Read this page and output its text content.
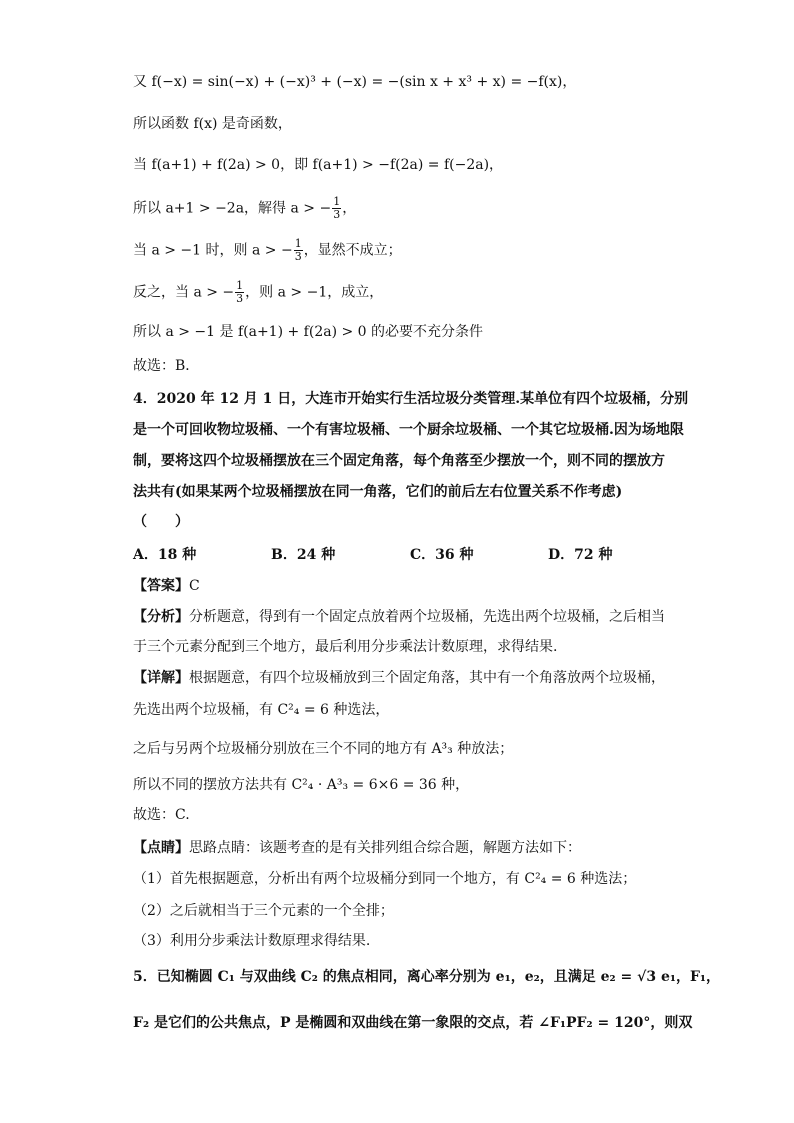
又 f(−x) = sin(−x) + (−x)³ + (−x) = −(sin x + x³ + x) = −f(x)，
所以函数 f(x) 是奇函数，
当 f(a+1) + f(2a) > 0，即 f(a+1) > −f(2a) = f(−2a)，
所以 a+1 > −2a，解得 a > − $\frac{1}{3}$ ，
当 a > −1 时，则 a > − $\frac{1}{3}$ ，显然不成立；
反之，当 a > − $\frac{1}{3}$ ，则 a > −1，成立，
所以 a > −1 是 f(a+1) + f(2a) > 0 的必要不充分条件
故选：B．
4．2020 年 12 月 1 日，大连市开始实行生活垃圾分类管理.某单位有四个垃圾桶，分别
是一个可回收物垃圾桶、一个有害垃圾桶、一个厨余垃圾桶、一个其它垃圾桶.因为场地限
制，要将这四个垃圾桶摆放在三个固定角落，每个角落至少摆放一个，则不同的摆放方
法共有(如果某两个垃圾桶摆放在同一角落，它们的前后左右位置关系不作考虑)
（　　）
A．18 种	B．24 种	C．36 种	D．72 种
【答案】C
【分析】分析题意，得到有一个固定点放着两个垃圾桶，先选出两个垃圾桶，之后相当
于三个元素分配到三个地方，最后利用分步乘法计数原理，求得结果.
【详解】根据题意，有四个垃圾桶放到三个固定角落，其中有一个角落放两个垃圾桶，
先选出两个垃圾桶，有 C²₄ = 6 种选法，
之后与另两个垃圾桶分别放在三个不同的地方有 A³₃ 种放法；
所以不同的摆放方法共有 C²₄ · A³₃ = 6×6 = 36 种，
故选：C.
【点睛】思路点睛：该题考查的是有关排列组合综合题，解题方法如下：
（1）首先根据题意，分析出有两个垃圾桶分到同一个地方，有 C²₄ = 6 种选法；
（2）之后就相当于三个元素的一个全排；
（3）利用分步乘法计数原理求得结果.
5．已知椭圆 C₁ 与双曲线 C₂ 的焦点相同，离心率分别为 e₁，e₂，且满足 e₂ = √3 e₁，F₁，
F₂ 是它们的公共焦点，P 是椭圆和双曲线在第一象限的交点，若 ∠F₁PF₂ = 120°，则双
